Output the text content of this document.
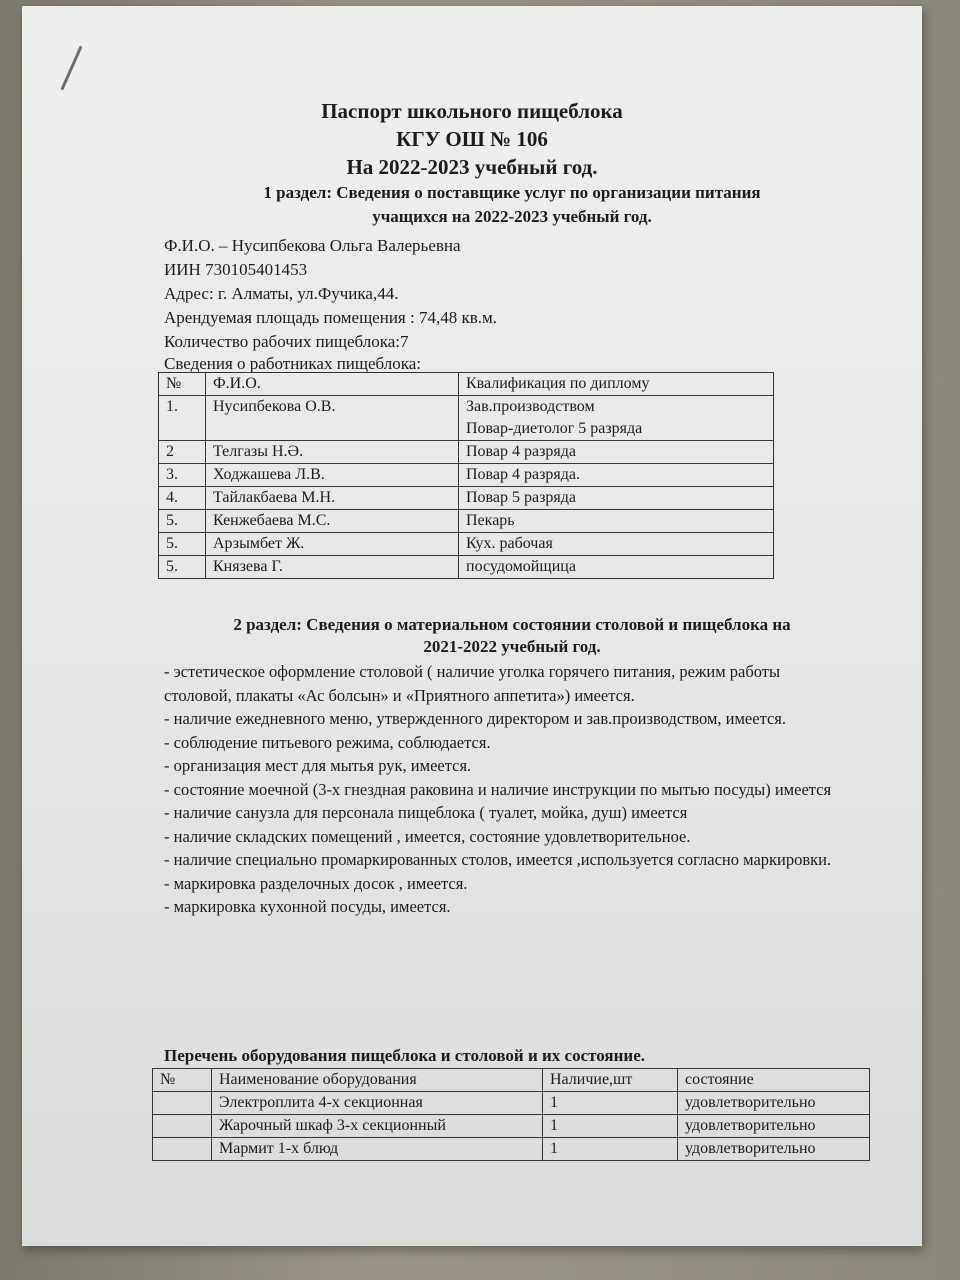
Паспорт школьного пищеблока
КГУ ОШ № 106
На 2022-2023 учебный год.
1 раздел: Сведения о поставщике услуг по организации питания
учащихся на 2022-2023 учебный год.
Ф.И.О. – Нусипбекова Ольга Валерьевна
ИИН 730105401453
Адрес: г. Алматы, ул.Фучика,44.
Арендуемая площадь помещения : 74,48 кв.м.
Количество рабочих пищеблока:7
Сведения о работниках пищеблока:
№	Ф.И.О.	Квалификация по диплому
1.	Нусипбекова О.В.	Зав.производством
Повар-диетолог 5 разряда

2	Телгазы Н.Ә.	Повар 4 разряда
3.	Ходжашева Л.В.	Повар 4 разряда.
4.	Тайлакбаева М.Н.	Повар 5 разряда
5.	Кенжебаева М.С.	Пекарь
5.	Арзымбет Ж.	Кух. рабочая
5.	Князева Г.	посудомойщица
2 раздел: Сведения о материальном состоянии столовой и пищеблока на
2021-2022 учебный год.
- эстетическое оформление столовой ( наличие уголка горячего питания, режим работы столовой, плакаты «Ас болсын» и «Приятного аппетита») имеется.
- наличие ежедневного меню, утвержденного директором и зав.производством, имеется.
- соблюдение питьевого режима, соблюдается.
- организация мест для мытья рук, имеется.
- состояние моечной (3-х гнездная раковина и наличие инструкции по мытью посуды) имеется
- наличие санузла для персонала пищеблока ( туалет, мойка, душ) имеется
- наличие складских помещений , имеется, состояние удовлетворительное.
- наличие специально промаркированных столов, имеется ,используется согласно маркировки.
- маркировка разделочных досок , имеется.
- маркировка кухонной посуды, имеется.
Перечень оборудования пищеблока и столовой и их состояние.
№	Наименование оборудования	Наличие,шт	состояние
	Электроплита 4-х секционная	1	удовлетворительно
	Жарочный шкаф 3-х секционный	1	удовлетворительно
	Мармит 1-х блюд	1	удовлетворительно
